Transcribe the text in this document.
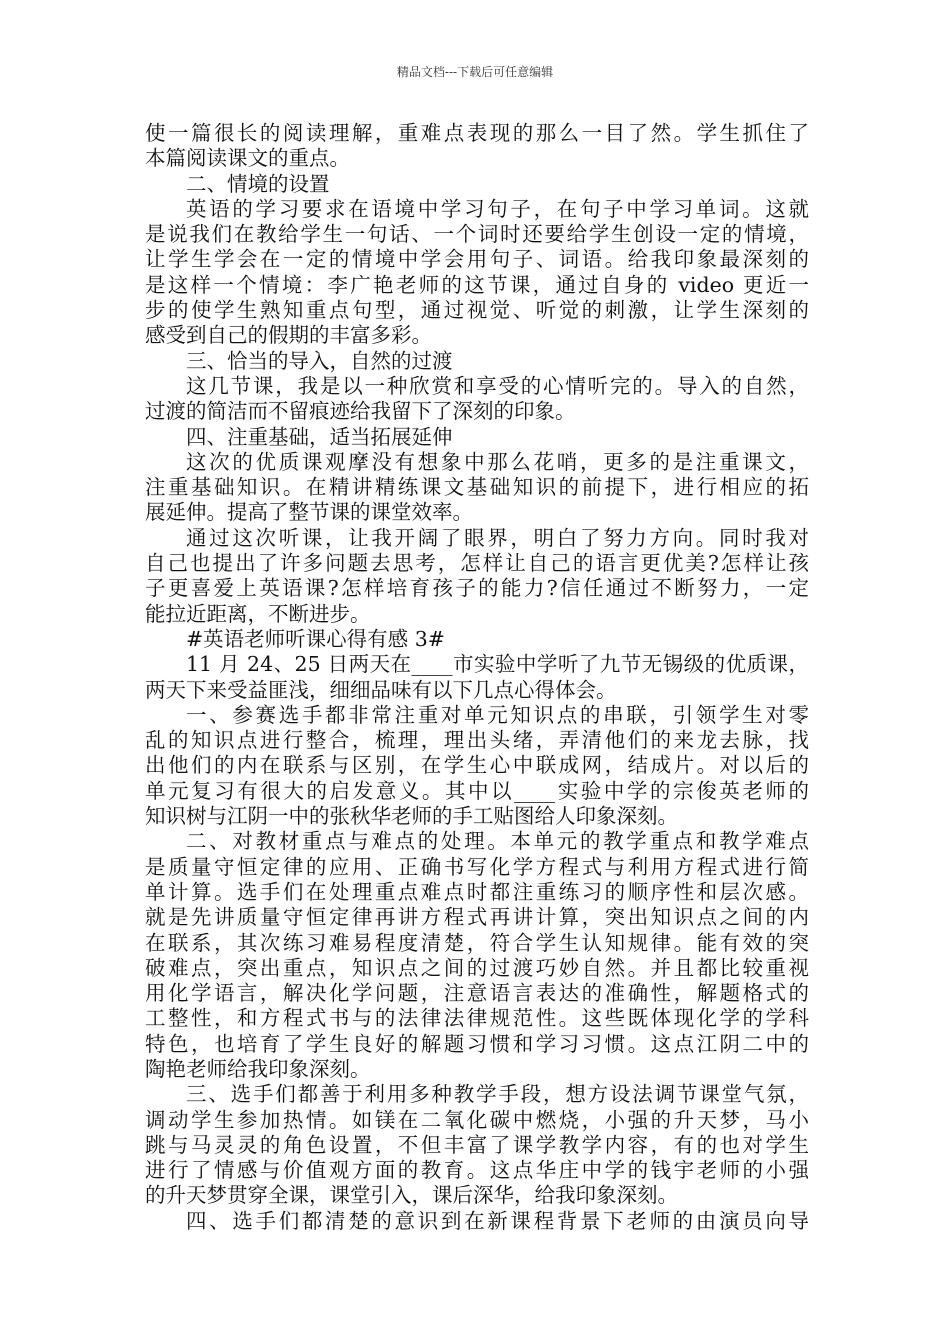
精品文档---下载后可任意编辑
使一篇很长的阅读理解，重难点表现的那么一目了然。学生抓住了
本篇阅读课文的重点。
二、情境的设置
英语的学习要求在语境中学习句子，在句子中学习单词。这就
是说我们在教给学生一句话、一个词时还要给学生创设一定的情境，
让学生学会在一定的情境中学会用句子、词语。给我印象最深刻的
是这样一个情境：李广艳老师的这节课，通过自身的 video 更近一
步的使学生熟知重点句型，通过视觉、听觉的刺激，让学生深刻的
感受到自己的假期的丰富多彩。
三、恰当的导入，自然的过渡
这几节课，我是以一种欣赏和享受的心情听完的。导入的自然，
过渡的简洁而不留痕迹给我留下了深刻的印象。
四、注重基础，适当拓展延伸
这次的优质课观摩没有想象中那么花哨，更多的是注重课文，
注重基础知识。在精讲精练课文基础知识的前提下，进行相应的拓
展延伸。提高了整节课的课堂效率。
通过这次听课，让我开阔了眼界，明白了努力方向。同时我对
自己也提出了许多问题去思考，怎样让自己的语言更优美?怎样让孩
子更喜爱上英语课?怎样培育孩子的能力?信任通过不断努力，一定
能拉近距离，不断进步。
#英语老师听课心得有感 3#
11 月 24、25 日两天在____市实验中学听了九节无锡级的优质课，
两天下来受益匪浅，细细品味有以下几点心得体会。
一、参赛选手都非常注重对单元知识点的串联，引领学生对零
乱的知识点进行整合，梳理，理出头绪，弄清他们的来龙去脉，找
出他们的内在联系与区别，在学生心中联成网，结成片。对以后的
单元复习有很大的启发意义。其中以____实验中学的宗俊英老师的
知识树与江阴一中的张秋华老师的手工贴图给人印象深刻。
二、对教材重点与难点的处理。本单元的教学重点和教学难点
是质量守恒定律的应用、正确书写化学方程式与利用方程式进行简
单计算。选手们在处理重点难点时都注重练习的顺序性和层次感。
就是先讲质量守恒定律再讲方程式再讲计算，突出知识点之间的内
在联系，其次练习难易程度清楚，符合学生认知规律。能有效的突
破难点，突出重点，知识点之间的过渡巧妙自然。并且都比较重视
用化学语言，解决化学问题，注意语言表达的准确性，解题格式的
工整性，和方程式书与的法律法律规范性。这些既体现化学的学科
特色，也培育了学生良好的解题习惯和学习习惯。这点江阴二中的
陶艳老师给我印象深刻。
三、选手们都善于利用多种教学手段，想方设法调节课堂气氛，
调动学生参加热情。如镁在二氧化碳中燃烧，小强的升天梦，马小
跳与马灵灵的角色设置，不但丰富了课学教学内容，有的也对学生
进行了情感与价值观方面的教育。这点华庄中学的钱宇老师的小强
的升天梦贯穿全课，课堂引入，课后深华，给我印象深刻。
四、选手们都清楚的意识到在新课程背景下老师的由演员向导
